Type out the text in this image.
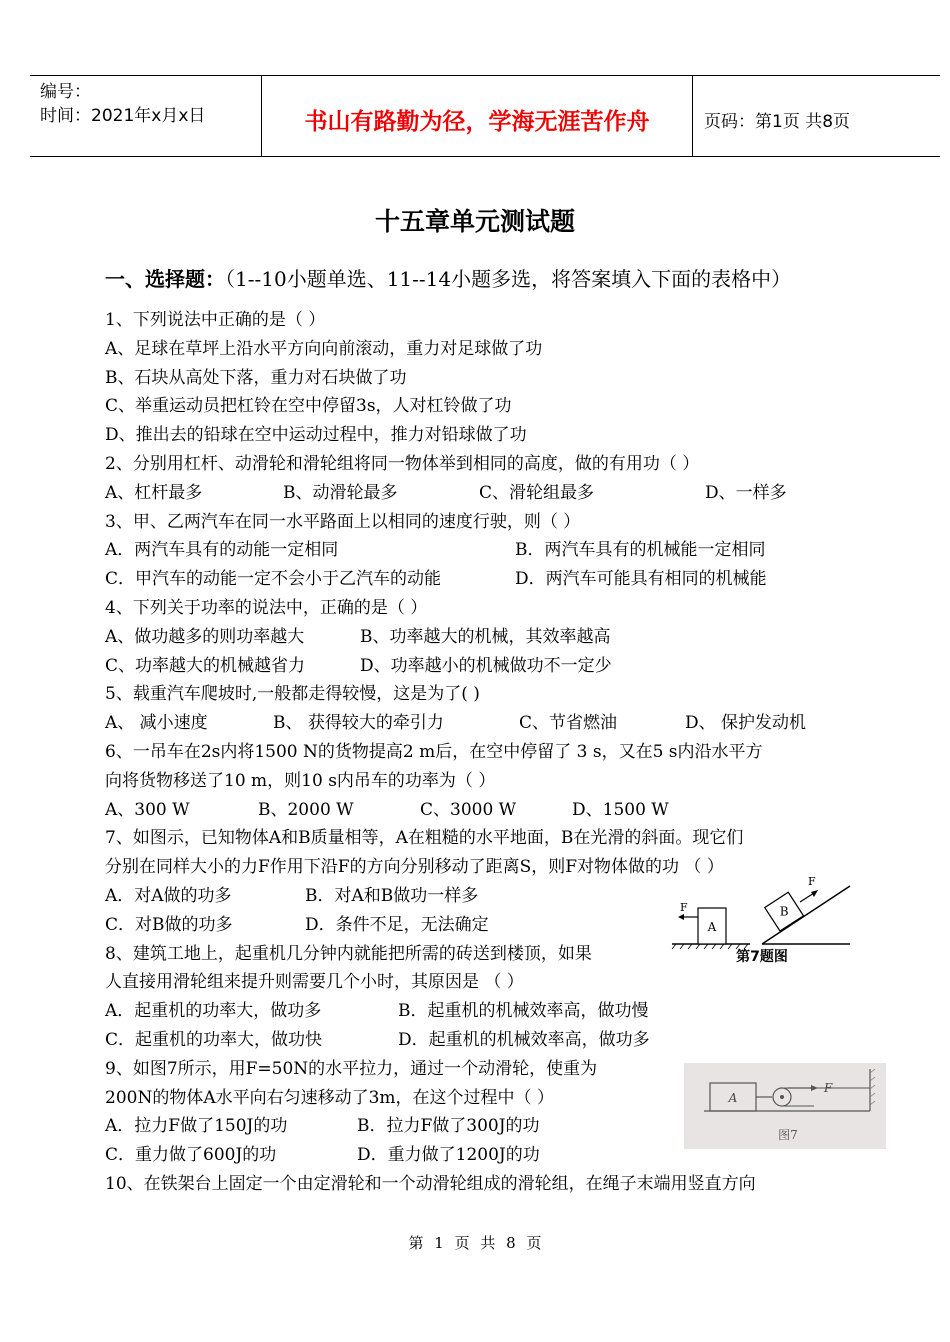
编号：
时间：2021年x月x日	书山有路勤为径，学海无涯苦作舟	页码：第1页 共8页
十五章单元测试题
一、选择题：（1--10小题单选、11--14小题多选，将答案填入下面的表格中）
1、下列说法中正确的是（ ）
A、足球在草坪上沿水平方向向前滚动，重力对足球做了功
B、石块从高处下落，重力对石块做了功
C、举重运动员把杠铃在空中停留3s，人对杠铃做了功
D、推出去的铅球在空中运动过程中，推力对铅球做了功
2、分别用杠杆、动滑轮和滑轮组将同一物体举到相同的高度，做的有用功（ ）
A、杠杆最多	B、动滑轮最多	C、滑轮组最多	D、一样多
3、甲、乙两汽车在同一水平路面上以相同的速度行驶，则（ ）
A．两汽车具有的动能一定相同	B．两汽车具有的机械能一定相同
C．甲汽车的动能一定不会小于乙汽车的动能	D．两汽车可能具有相同的机械能
4、下列关于功率的说法中，正确的是（ ）
A、做功越多的则功率越大	B、功率越大的机械，其效率越高
C、功率越大的机械越省力	D、功率越小的机械做功不一定少
5、载重汽车爬坡时,一般都走得较慢，这是为了( )
A、 减小速度	B、 获得较大的牵引力	C、节省燃油	D、 保护发动机
6、一吊车在2s内将1500 N的货物提高2 m后，在空中停留了 3 s，又在5 s内沿水平方
向将货物移送了10 m，则10 s内吊车的功率为（ ）
A、300 W	B、2000 W	C、3000 W	D、1500 W
7、如图示，已知物体A和B质量相等，A在粗糙的水平地面，B在光滑的斜面。现它们
分别在同样大小的力F作用下沿F的方向分别移动了距离S，则F对物体做的功 （ ）
A．对A做的功多	B．对A和B做功一样多
C．对B做的功多	D．条件不足，无法确定
8、建筑工地上，起重机几分钟内就能把所需的砖送到楼顶，如果
人直接用滑轮组来提升则需要几个小时，其原因是 （ ）
A．起重机的功率大，做功多	B．起重机的机械效率高，做功慢
C．起重机的功率大，做功快	D．起重机的机械效率高，做功多
9、如图7所示，用F=50N的水平拉力，通过一个动滑轮，使重为
200N的物体A水平向右匀速移动了3m，在这个过程中（ ）
A．拉力F做了150J的功	B．拉力F做了300J的功
C．重力做了600J的功	D．重力做了1200J的功
10、在铁架台上固定一个由定滑轮和一个动滑轮组成的滑轮组，在绳子末端用竖直方向
A
F	B
F
第7题图
A
F
图7
第 1 页 共 8 页
